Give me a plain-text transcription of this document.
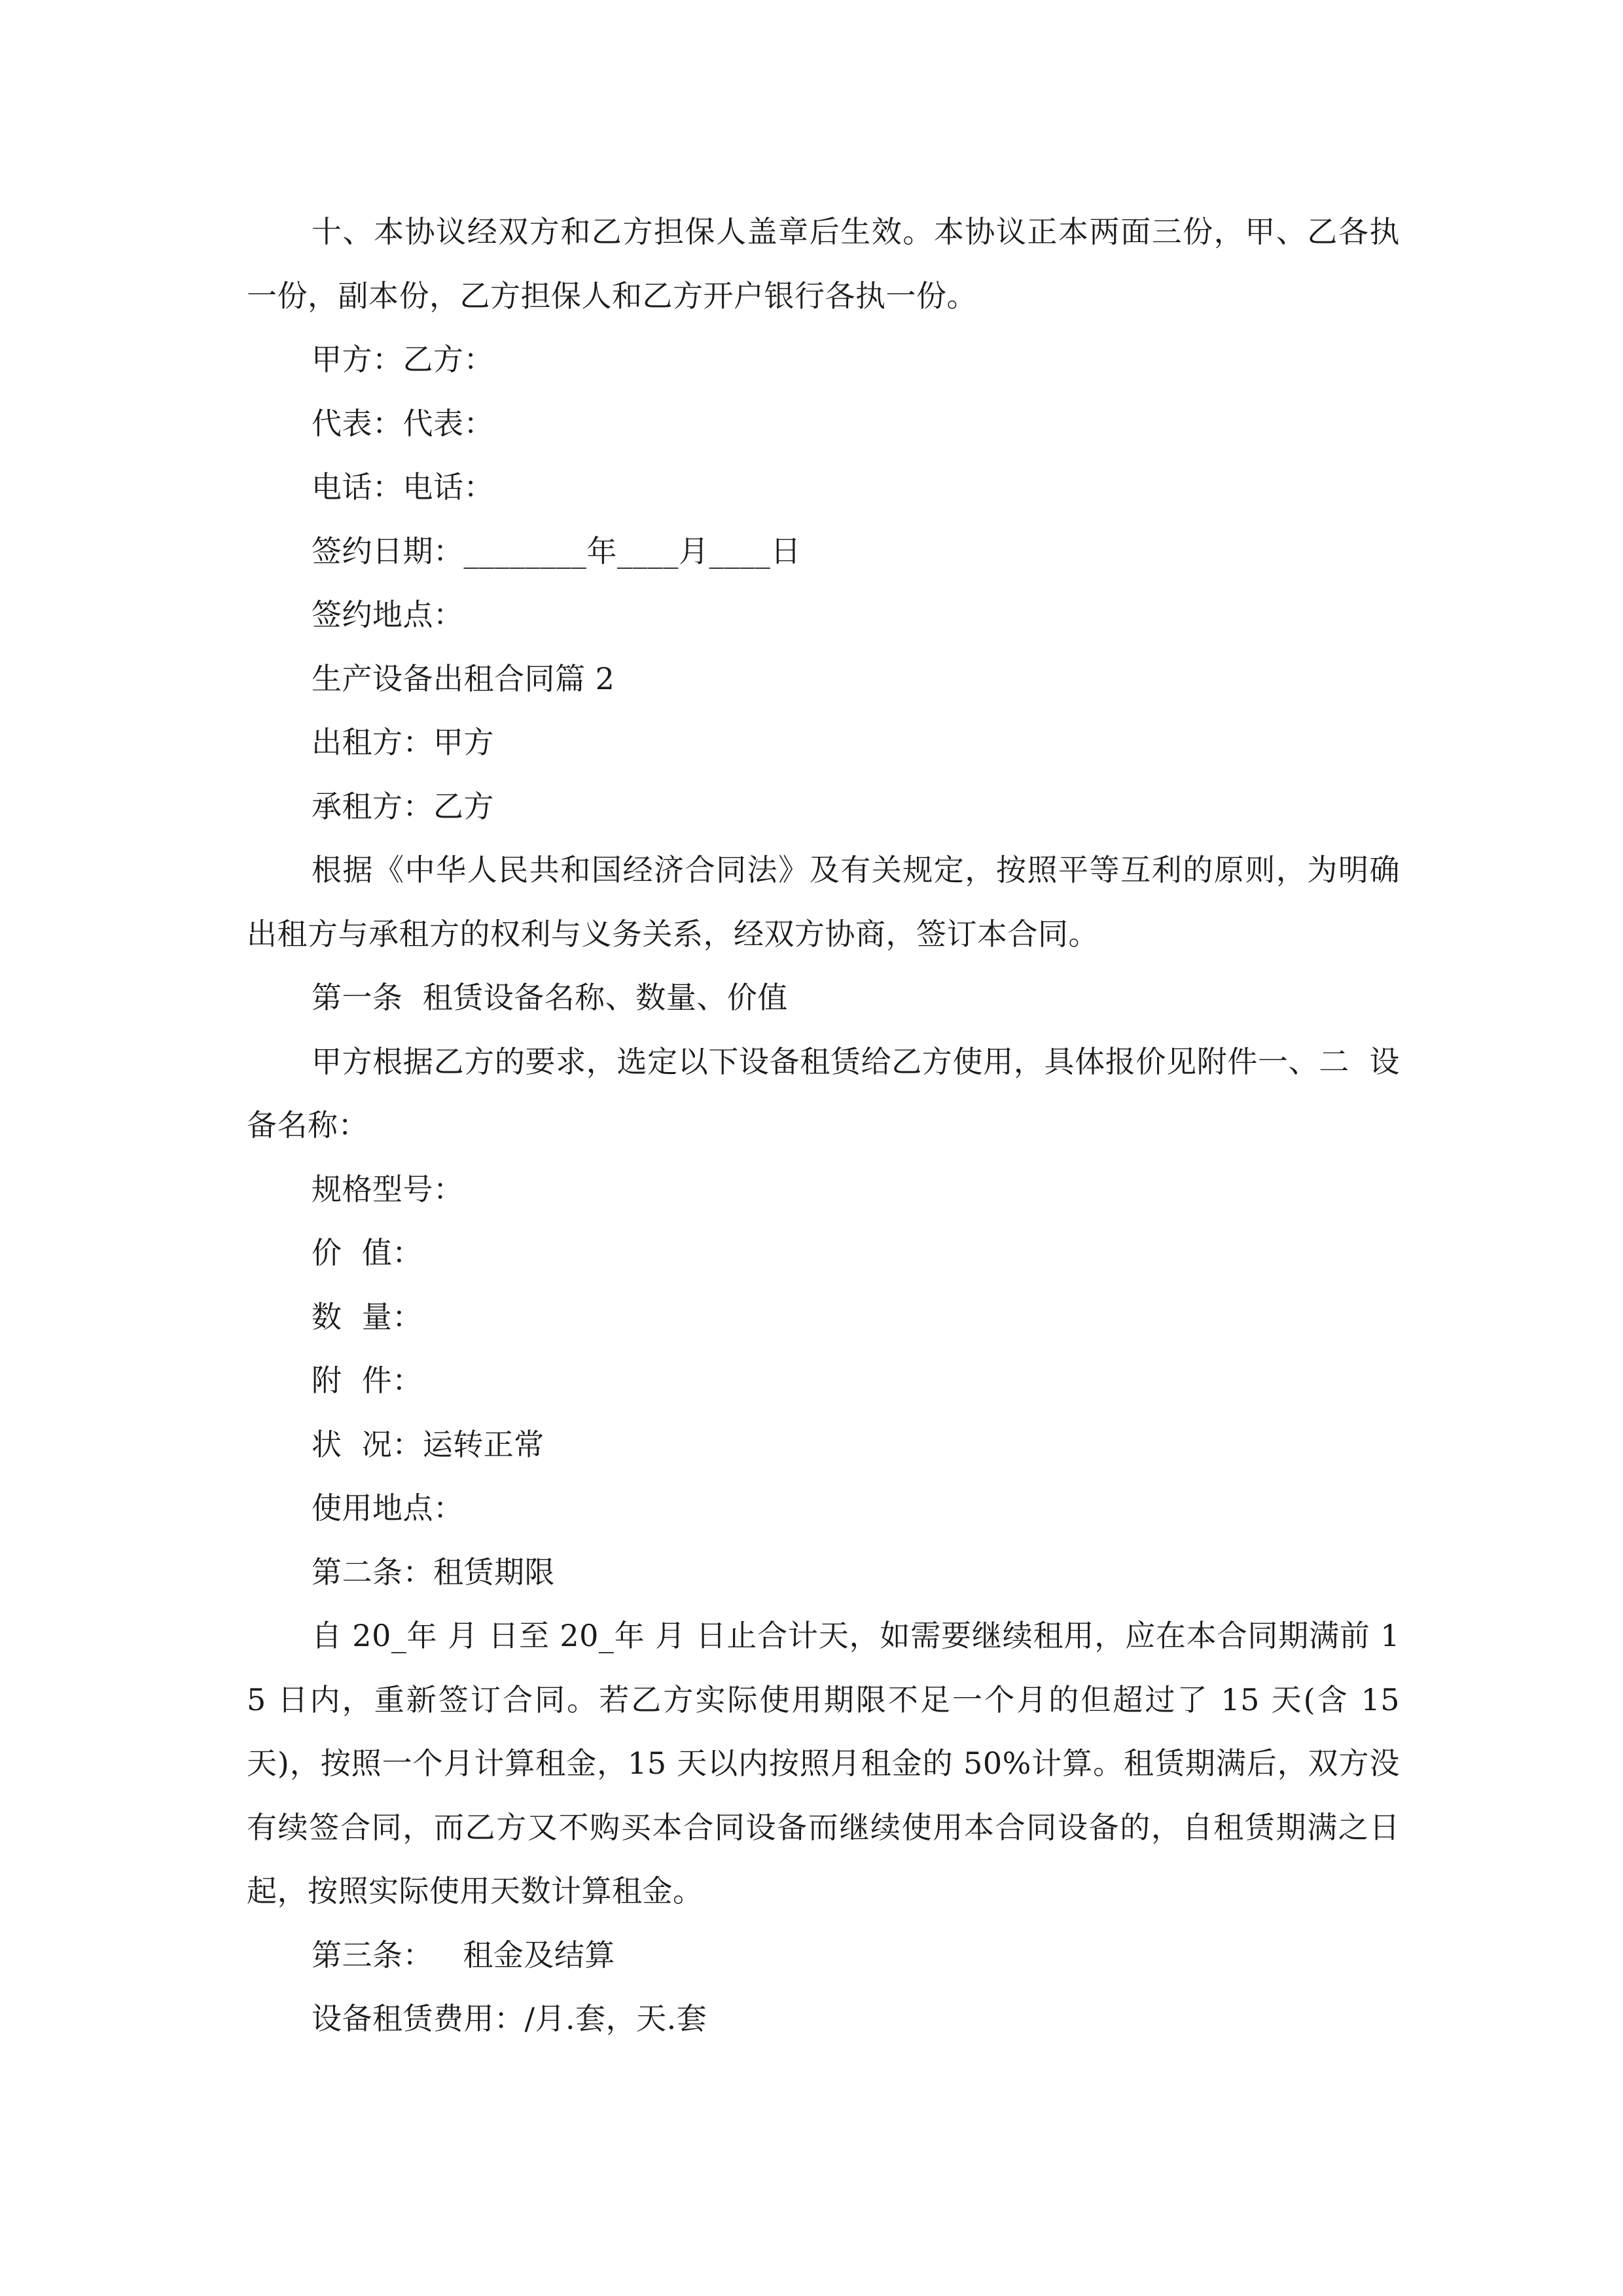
十、本协议经双方和乙方担保人盖章后生效。本协议正本两面三份，甲、乙各执一份，副本份，乙方担保人和乙方开户银行各执一份。

甲方：乙方：

代表：代表：

电话：电话：

签约日期：________年____月____日

签约地点：

生产设备出租合同篇 2

出租方：甲方

承租方：乙方

根据《中华人民共和国经济合同法》及有关规定，按照平等互利的原则，为明确出租方与承租方的权利与义务关系，经双方协商，签订本合同。

第一条  租赁设备名称、数量、价值

甲方根据乙方的要求，选定以下设备租赁给乙方使用，具体报价见附件一、二  设备名称：

规格型号：

价  值：

数  量：

附  件：

状  况：运转正常

使用地点：

第二条：租赁期限

自 20_年 月 日至 20_年 月 日止合计天，如需要继续租用，应在本合同期满前 15 日内，重新签订合同。若乙方实际使用期限不足一个月的但超过了 15 天(含 15 天)，按照一个月计算租金，15 天以内按照月租金的 50%计算。租赁期满后，双方没有续签合同，而乙方又不购买本合同设备而继续使用本合同设备的，自租赁期满之日起，按照实际使用天数计算租金。

第三条：   租金及结算

设备租赁费用：/月.套，天.套
